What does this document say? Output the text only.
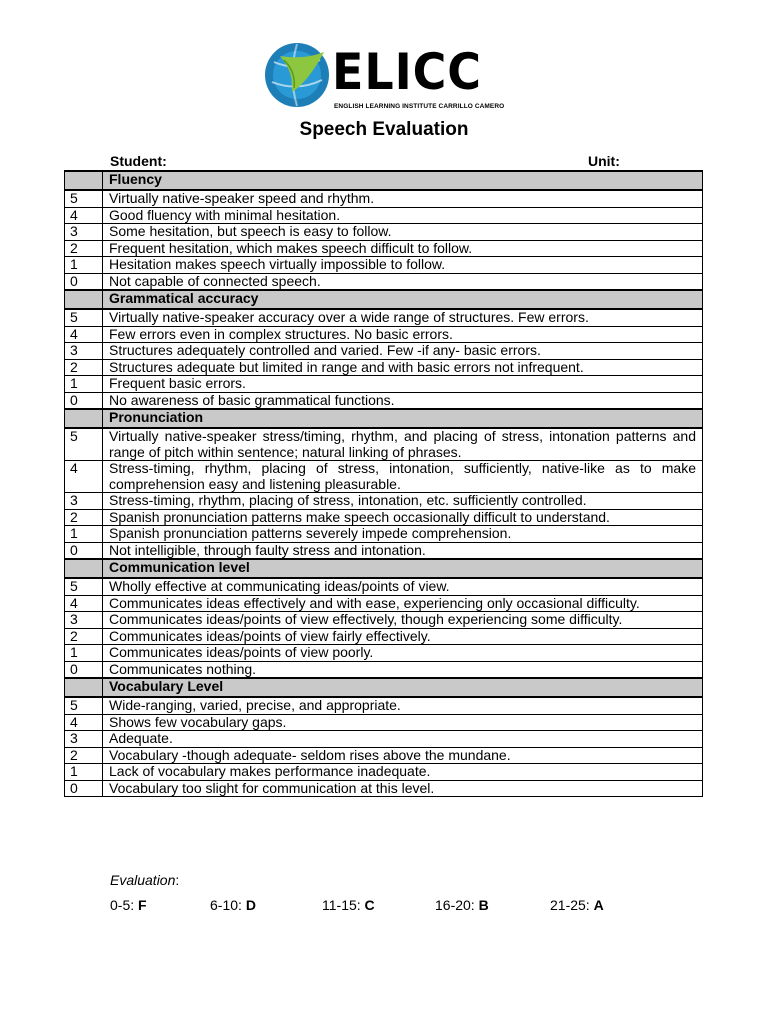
ELICC
ENGLISH LEARNING INSTITUTE CARRILLO CAMERO
Speech Evaluation
Student:	Unit:
	Fluency
5	Virtually native-speaker speed and rhythm.
4	Good fluency with minimal hesitation.
3	Some hesitation, but speech is easy to follow.
2	Frequent hesitation, which makes speech difficult to follow.
1	Hesitation makes speech virtually impossible to follow.
0	Not capable of connected speech.
	Grammatical accuracy
5	Virtually native-speaker accuracy over a wide range of structures. Few errors.
4	Few errors even in complex structures. No basic errors.
3	Structures adequately controlled and varied. Few -if any- basic errors.
2	Structures adequate but limited in range and with basic errors not infrequent.
1	Frequent basic errors.
0	No awareness of basic grammatical functions.
	Pronunciation
5	Virtually native-speaker stress/timing, rhythm, and placing of stress, intonation patterns and range of pitch within sentence; natural linking of phrases.
4	Stress-timing, rhythm, placing of stress, intonation, sufficiently, native-like as to make comprehension easy and listening pleasurable.
3	Stress-timing, rhythm, placing of stress, intonation, etc. sufficiently controlled.
2	Spanish pronunciation patterns make speech occasionally difficult to understand.
1	Spanish pronunciation patterns severely impede comprehension.
0	Not intelligible, through faulty stress and intonation.
	Communication level
5	Wholly effective at communicating ideas/points of view.
4	Communicates ideas effectively and with ease, experiencing only occasional difficulty.
3	Communicates ideas/points of view effectively, though experiencing some difficulty.
2	Communicates ideas/points of view fairly effectively.
1	Communicates ideas/points of view poorly.
0	Communicates nothing.
	Vocabulary Level
5	Wide-ranging, varied, precise, and appropriate.
4	Shows few vocabulary gaps.
3	Adequate.
2	Vocabulary -though adequate- seldom rises above the mundane.
1	Lack of vocabulary makes performance inadequate.
0	Vocabulary too slight for communication at this level.
Evaluation:
0-5: F	6-10: D	11-15: C	16-20: B	21-25: A
